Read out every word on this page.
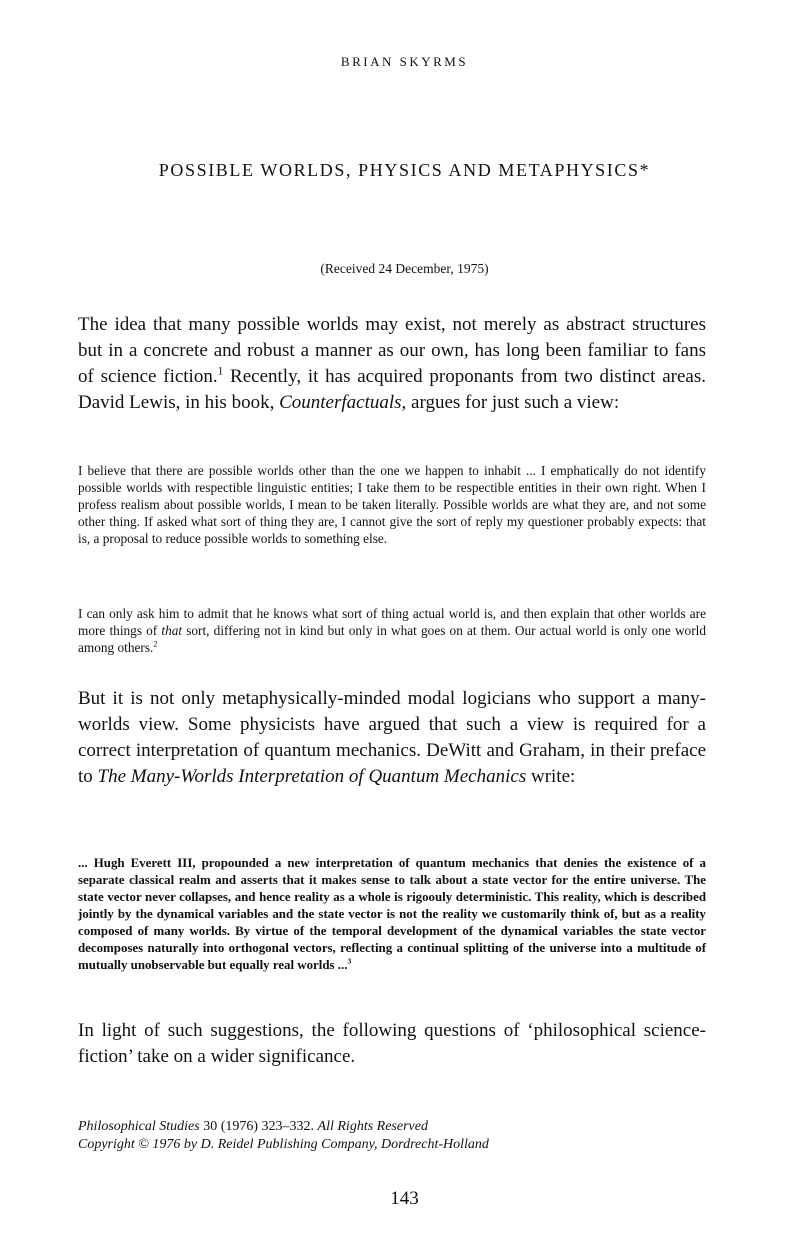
BRIAN SKYRMS
POSSIBLE WORLDS, PHYSICS AND METAPHYSICS*
(Received 24 December, 1975)

The idea that many possible worlds may exist, not merely as abstract structures but in a concrete and robust a manner as our own, has long been familiar to fans of science fiction.$^1$ Recently, it has acquired proponants from two distinct areas. David Lewis, in his book, Counterfactuals, argues for just such a view:

I believe that there are possible worlds other than the one we happen to inhabit ... I emphatically do not identify possible worlds with respectible linguistic entities; I take them to be respectible entities in their own right. When I profess realism about possible worlds, I mean to be taken literally. Possible worlds are what they are, and not some other thing. If asked what sort of thing they are, I cannot give the sort of reply my questioner probably expects: that is, a proposal to reduce possible worlds to something else.

I can only ask him to admit that he knows what sort of thing actual world is, and then explain that other worlds are more things of that sort, differing not in kind but only in what goes on at them. Our actual world is only one world among others.$^2$

But it is not only metaphysically-minded modal logicians who support a many-worlds view. Some physicists have argued that such a view is required for a correct interpretation of quantum mechanics. DeWitt and Graham, in their preface to The Many-Worlds Interpretation of Quantum Mechanics write:

... Hugh Everett III, propounded a new interpretation of quantum mechanics that denies the existence of a separate classical realm and asserts that it makes sense to talk about a state vector for the entire universe. The state vector never collapses, and hence reality as a whole is rigoouly deterministic. This reality, which is described jointly by the dynamical variables and the state vector is not the reality we customarily think of, but as a reality composed of many worlds. By virtue of the temporal development of the dynamical variables the state vector decomposes naturally into orthogonal vectors, reflecting a continual splitting of the universe into a multitude of mutually unobservable but equally real worlds ...$^3$

In light of such suggestions, the following questions of ‘philosophical science-fiction’ take on a wider significance.

Philosophical Studies 30 (1976) 323–332. All Rights Reserved
Copyright © 1976 by D. Reidel Publishing Company, Dordrecht-Holland
143
